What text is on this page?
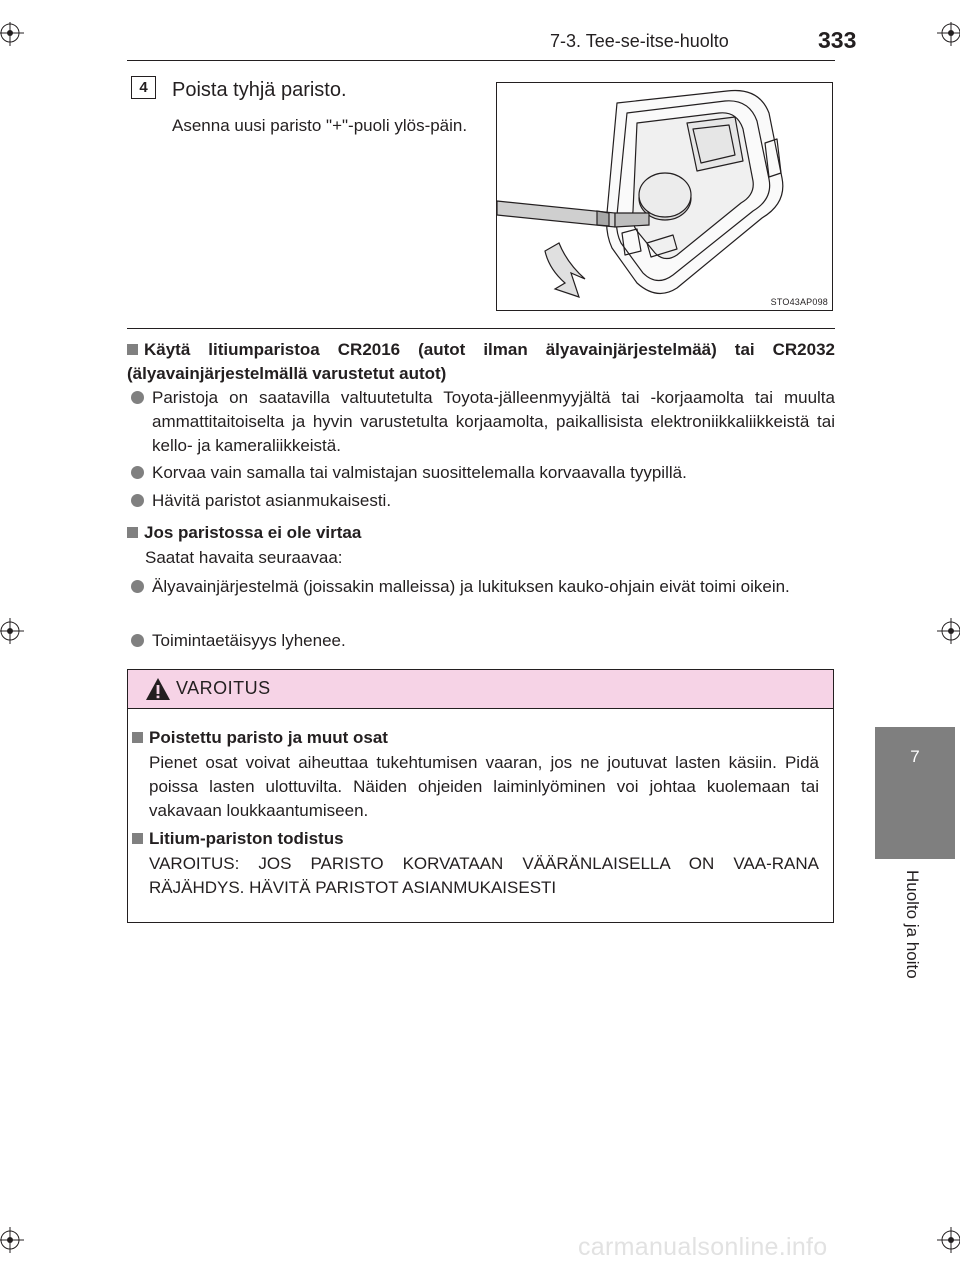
7-3. Tee-se-itse-huolto	333
4	Poista tyhjä paristo.
Asenna uusi paristo "+"-puoli ylös-päin.
STO43AP098
Käytä litiumparistoa CR2016 (autot ilman älyavainjärjestelmää) tai CR2032 (älyavainjärjestelmällä varustetut autot)
Paristoja on saatavilla valtuutetulta Toyota-jälleenmyyjältä tai -korjaamolta tai muulta ammattitaitoiselta ja hyvin varustetulta korjaamolta, paikallisista elektroniikkaliikkeistä tai kello- ja kameraliikkeistä.
Korvaa vain samalla tai valmistajan suosittelemalla korvaavalla tyypillä.
Hävitä paristot asianmukaisesti.
Jos paristossa ei ole virtaa
Saatat havaita seuraavaa:
Älyavainjärjestelmä (joissakin malleissa) ja lukituksen kauko-ohjain eivät toimi oikein.
Toimintaetäisyys lyhenee.
VAROITUS
Poistettu paristo ja muut osat
Pienet osat voivat aiheuttaa tukehtumisen vaaran, jos ne joutuvat lasten käsiin. Pidä poissa lasten ulottuvilta. Näiden ohjeiden laiminlyöminen voi johtaa kuolemaan tai vakavaan loukkaantumiseen.
Litium-pariston todistus
VAROITUS: JOS PARISTO KORVATAAN VÄÄRÄNLAISELLA ON VAA-RANA RÄJÄHDYS. HÄVITÄ PARISTOT ASIANMUKAISESTI
7
Huolto ja hoito
carmanualsonline.info
